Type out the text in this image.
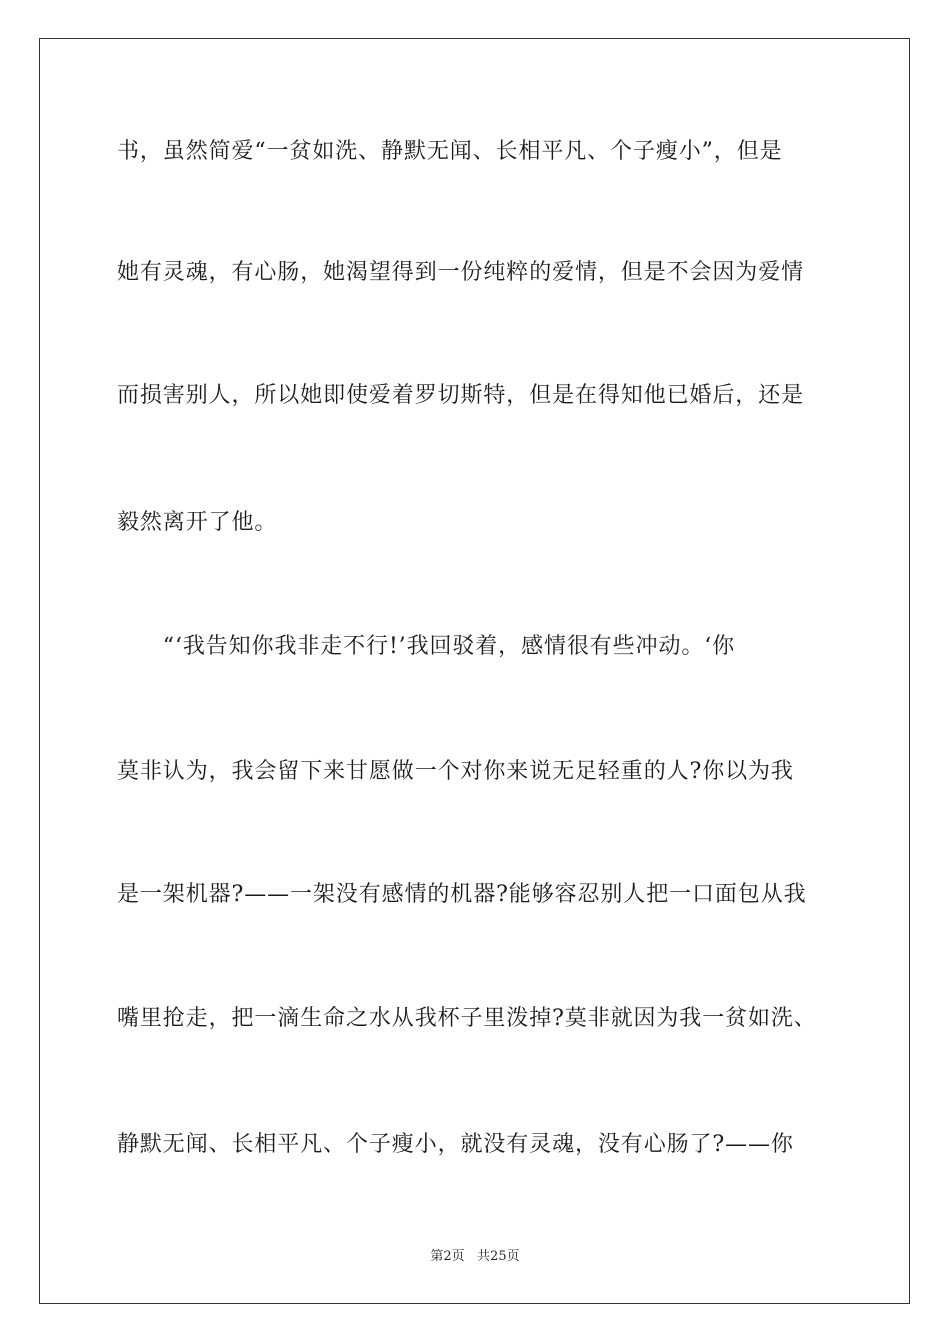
书，虽然简爱“一贫如洗、静默无闻、长相平凡、个子瘦小”，但是
她有灵魂，有心肠，她渴望得到一份纯粹的爱情，但是不会因为爱情
而损害别人，所以她即使爱着罗切斯特，但是在得知他已婚后，还是
毅然离开了他。
　　“‘我告知你我非走不行!’我回驳着，感情很有些冲动。‘你
莫非认为，我会留下来甘愿做一个对你来说无足轻重的人?你以为我
是一架机器?——一架没有感情的机器?能够容忍别人把一口面包从我
嘴里抢走，把一滴生命之水从我杯子里泼掉?莫非就因为我一贫如洗、
静默无闻、长相平凡、个子瘦小，就没有灵魂，没有心肠了?——你
第2页   共25页
